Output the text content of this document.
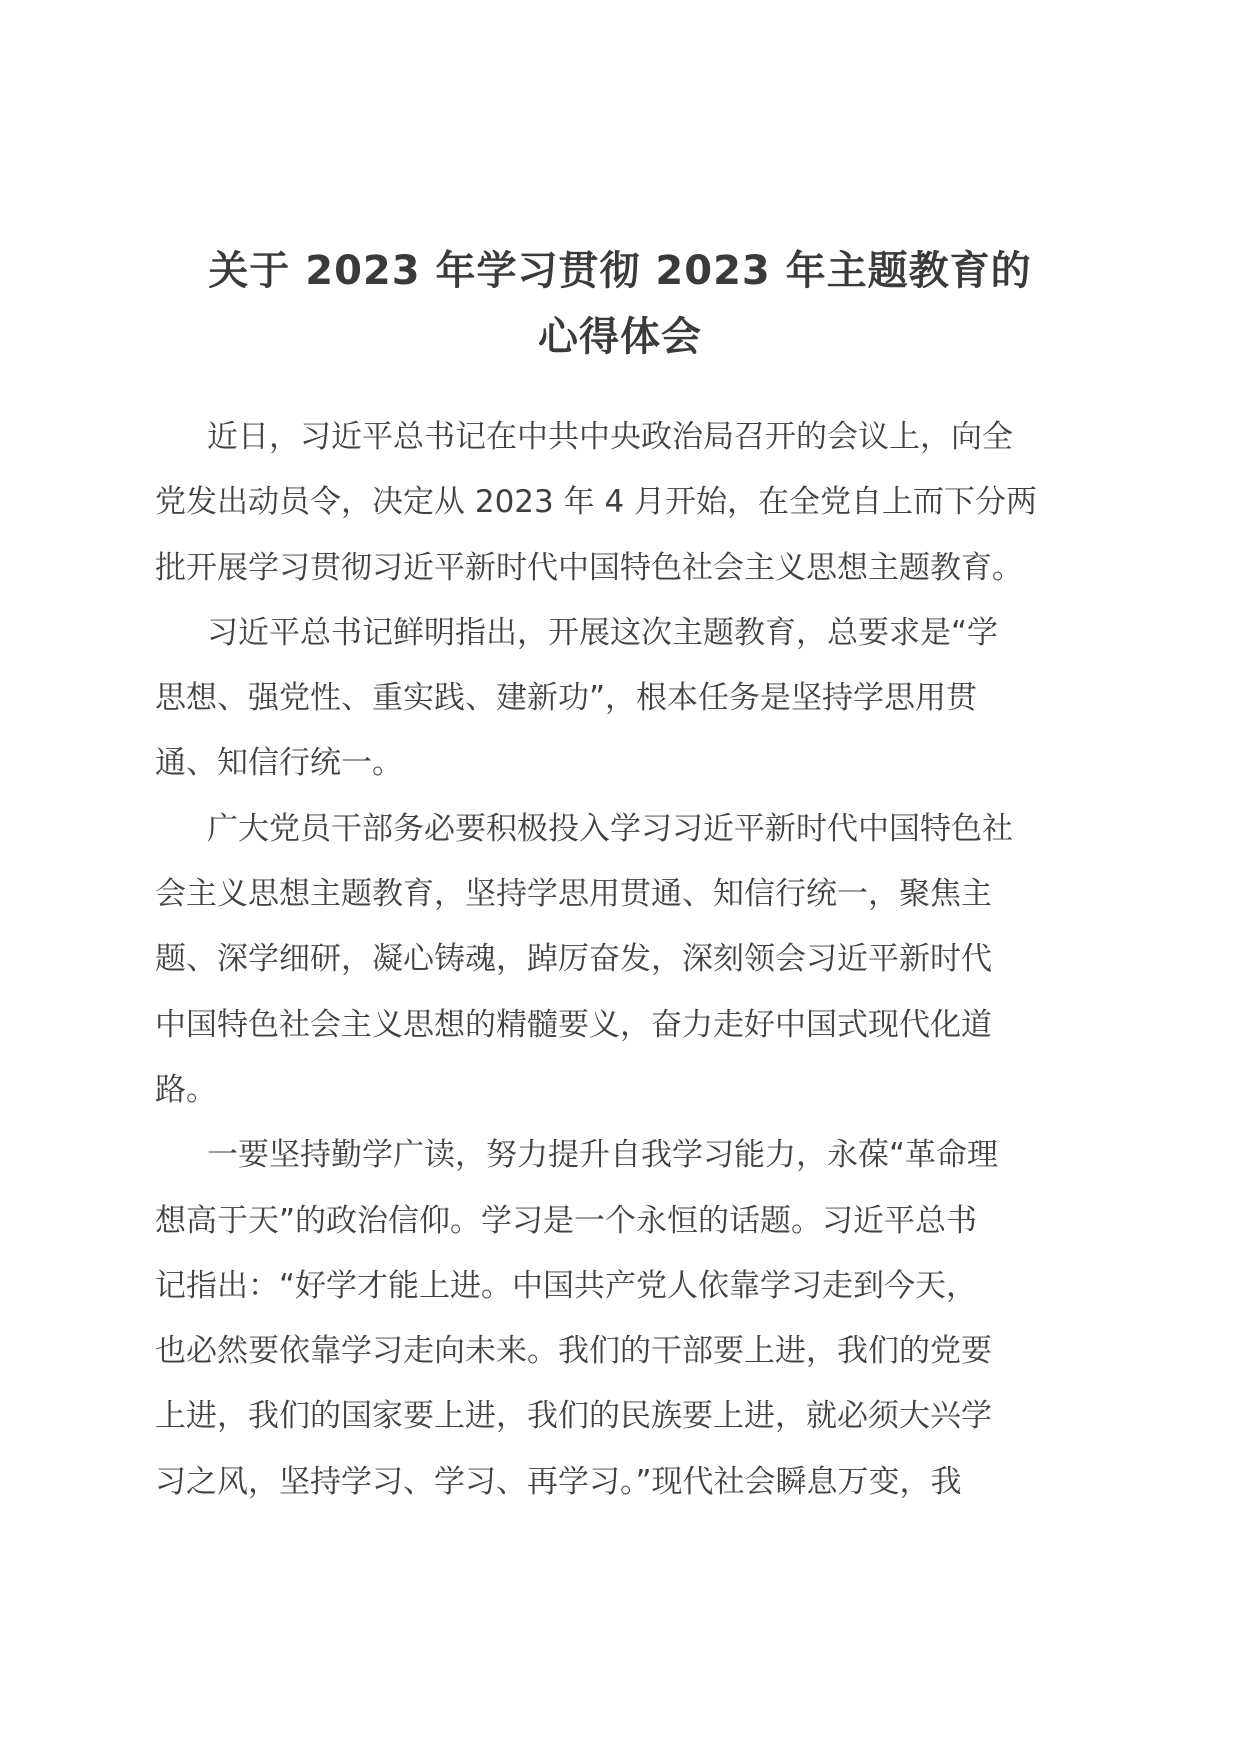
关于 2023 年学习贯彻 2023 年主题教育的
心得体会

近日，习近平总书记在中共中央政治局召开的会议上，向全
党发出动员令，决定从 2023 年 4 月开始，在全党自上而下分两
批开展学习贯彻习近平新时代中国特色社会主义思想主题教育。

习近平总书记鲜明指出，开展这次主题教育，总要求是“学
思想、强党性、重实践、建新功”，根本任务是坚持学思用贯
通、知信行统一。

广大党员干部务必要积极投入学习习近平新时代中国特色社
会主义思想主题教育，坚持学思用贯通、知信行统一，聚焦主
题、深学细研，凝心铸魂，踔厉奋发，深刻领会习近平新时代
中国特色社会主义思想的精髓要义，奋力走好中国式现代化道
路。

一要坚持勤学广读，努力提升自我学习能力，永葆“革命理
想高于天”的政治信仰。学习是一个永恒的话题。习近平总书
记指出：“好学才能上进。中国共产党人依靠学习走到今天，
也必然要依靠学习走向未来。我们的干部要上进，我们的党要
上进，我们的国家要上进，我们的民族要上进，就必须大兴学
习之风，坚持学习、学习、再学习。”现代社会瞬息万变，我
